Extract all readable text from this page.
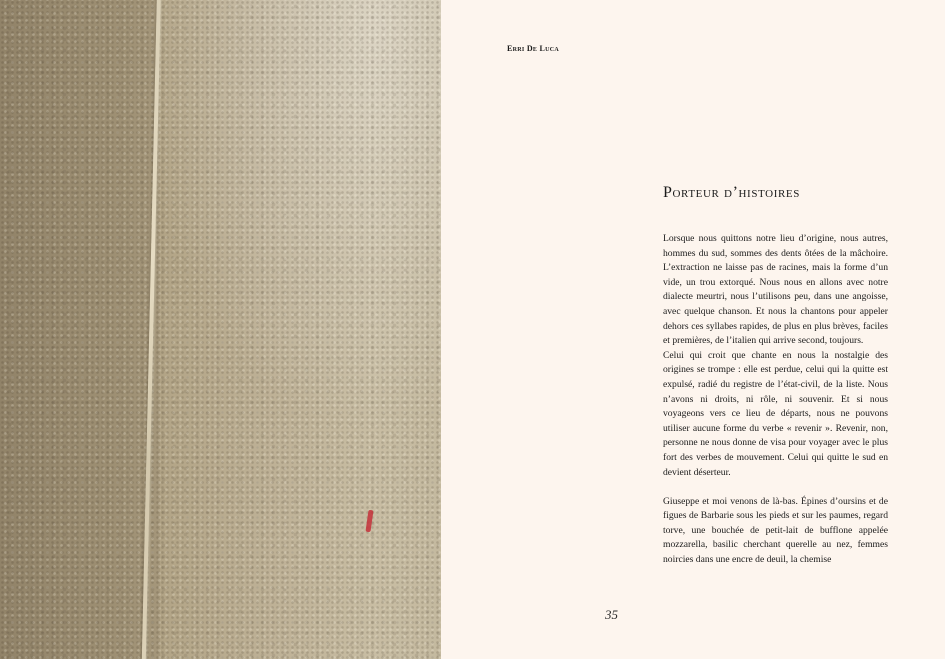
Erri De Luca
Porteur d’histoires

Lorsque nous quittons notre lieu d’origine, nous autres, hommes du sud, sommes des dents ôtées de la mâchoire. L’extraction ne laisse pas de racines, mais la forme d’un vide, un trou extorqué. Nous nous en allons avec notre dialecte meurtri, nous l’utilisons peu, dans une angoisse, avec quelque chanson. Et nous la chantons pour appeler dehors ces syllabes rapides, de plus en plus brèves, faciles et premières, de l’italien qui arrive second, toujours.

Celui qui croit que chante en nous la nostalgie des origines se trompe : elle est perdue, celui qui la quitte est expulsé, radié du registre de l’état-civil, de la liste. Nous n’avons ni droits, ni rôle, ni souvenir. Et si nous voyageons vers ce lieu de départs, nous ne pouvons utiliser aucune forme du verbe « revenir ». Revenir, non, personne ne nous donne de visa pour voyager avec le plus fort des verbes de mouvement. Celui qui quitte le sud en devient déserteur.

Giuseppe et moi venons de là-bas. Épines d’oursins et de figues de Barbarie sous les pieds et sur les paumes, regard torve, une bouchée de petit-lait de bufflone appelée mozzarella, basilic cherchant querelle au nez, femmes noircies dans une encre de deuil, la chemise

35
